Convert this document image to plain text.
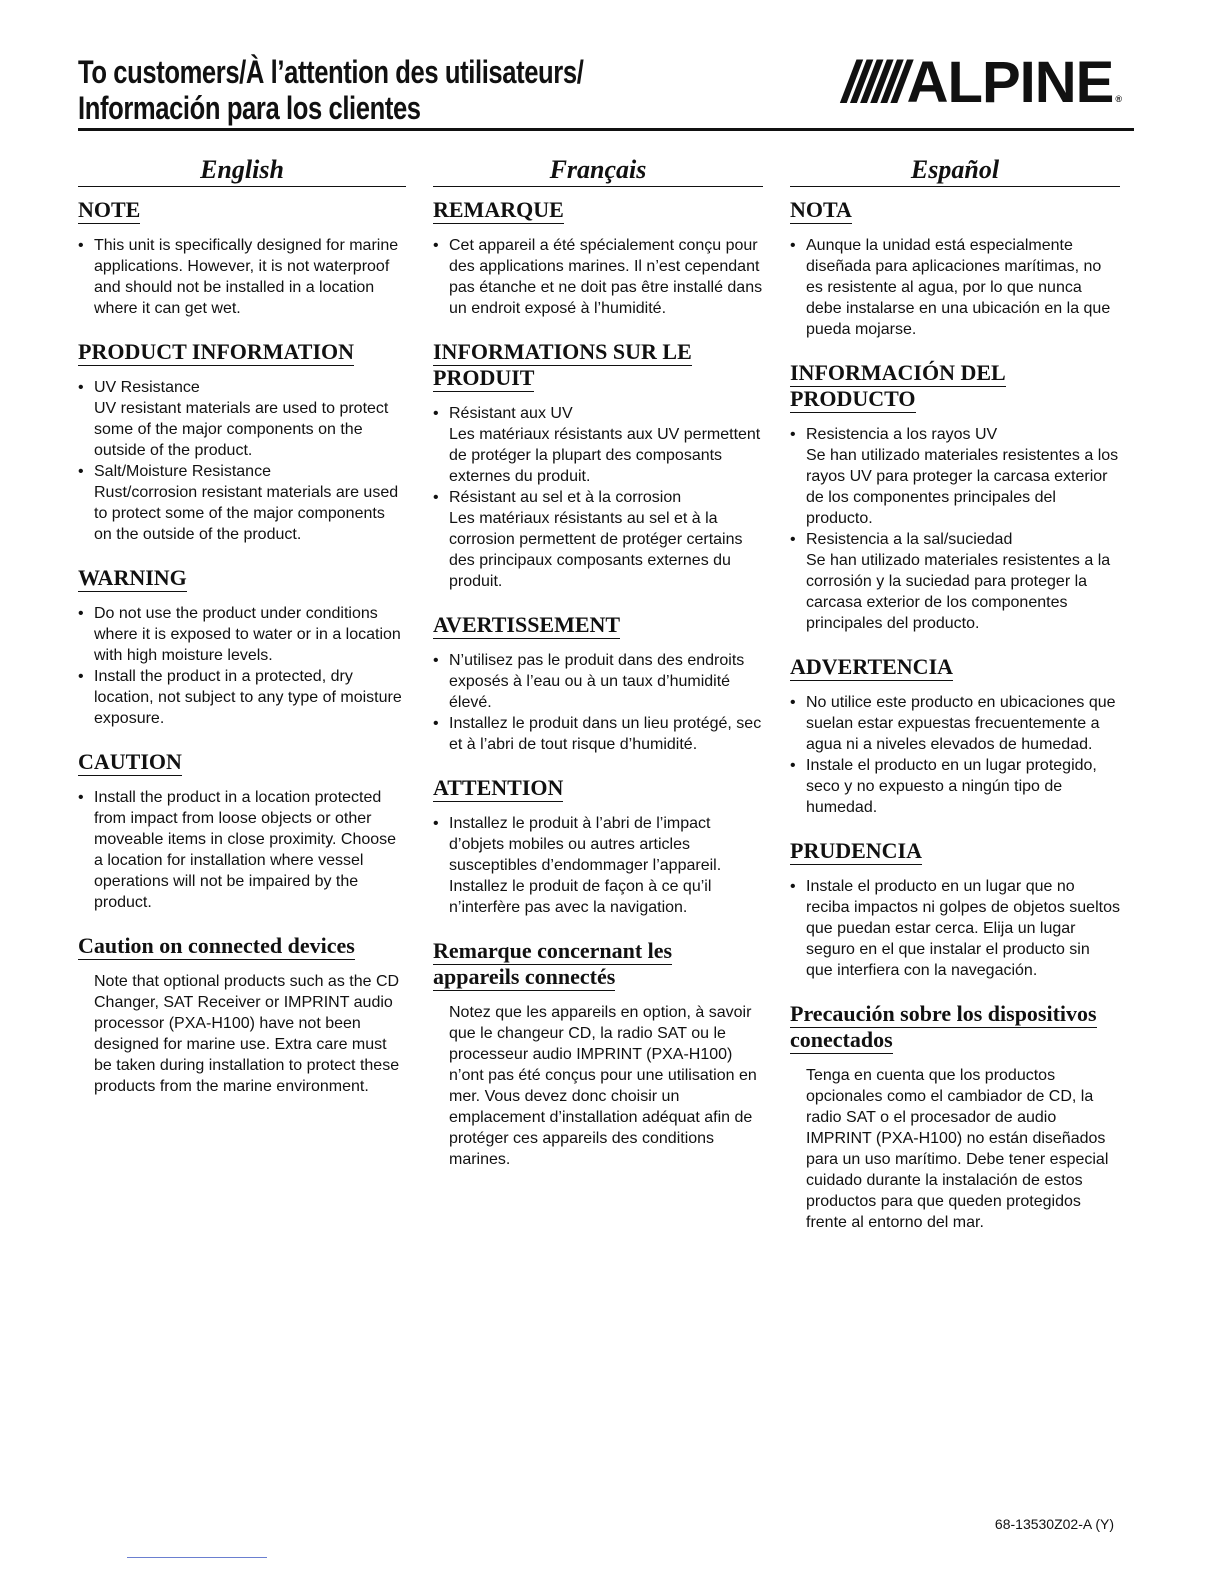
To customers/À l’attention des utilisateurs/
Información para los clientes	//////ALPINE ®
English
NOTE
• This unit is specifically designed for marine applications. However, it is not waterproof and should not be installed in a location where it can get wet.
PRODUCT INFORMATION
• UV Resistance
UV resistant materials are used to protect some of the major components on the outside of the product.
• Salt/Moisture Resistance
Rust/corrosion resistant materials are used to protect some of the major components on the outside of the product.
WARNING
• Do not use the product under conditions where it is exposed to water or in a location with high moisture levels.
• Install the product in a protected, dry location, not subject to any type of moisture exposure.
CAUTION
• Install the product in a location protected from impact from loose objects or other moveable items in close proximity. Choose a location for installation where vessel operations will not be impaired by the product.
Caution on connected devices

Note that optional products such as the CD Changer, SAT Receiver or IMPRINT audio processor (PXA-H100) have not been designed for marine use. Extra care must be taken during installation to protect these products from the marine environment.

Français
REMARQUE
• Cet appareil a été spécialement conçu pour des applications marines. Il n’est cependant pas étanche et ne doit pas être installé dans un endroit exposé à l’humidité.
INFORMATIONS SUR LE PRODUIT
• Résistant aux UV
Les matériaux résistants aux UV permettent de protéger la plupart des composants externes du produit.
• Résistant au sel et à la corrosion
Les matériaux résistants au sel et à la corrosion permettent de protéger certains des principaux composants externes du produit.
AVERTISSEMENT
• N’utilisez pas le produit dans des endroits exposés à l’eau ou à un taux d’humidité élevé.
• Installez le produit dans un lieu protégé, sec et à l’abri de tout risque d’humidité.
ATTENTION
• Installez le produit à l’abri de l’impact d’objets mobiles ou autres articles susceptibles d’endommager l’appareil. Installez le produit de façon à ce qu’il n’interfère pas avec la navigation.
Remarque concernant les appareils connectés

Notez que les appareils en option, à savoir que le changeur CD, la radio SAT ou le processeur audio IMPRINT (PXA-H100) n’ont pas été conçus pour une utilisation en mer. Vous devez donc choisir un emplacement d’installation adéquat afin de protéger ces appareils des conditions marines.

Español
NOTA
• Aunque la unidad está especialmente diseñada para aplicaciones marítimas, no es resistente al agua, por lo que nunca debe instalarse en una ubicación en la que pueda mojarse.
INFORMACIÓN DEL PRODUCTO
• Resistencia a los rayos UV
Se han utilizado materiales resistentes a los rayos UV para proteger la carcasa exterior de los componentes principales del producto.
• Resistencia a la sal/suciedad
Se han utilizado materiales resistentes a la corrosión y la suciedad para proteger la carcasa exterior de los componentes principales del producto.
ADVERTENCIA
• No utilice este producto en ubicaciones que suelan estar expuestas frecuentemente a agua ni a niveles elevados de humedad.
• Instale el producto en un lugar protegido, seco y no expuesto a ningún tipo de humedad.
PRUDENCIA
• Instale el producto en un lugar que no reciba impactos ni golpes de objetos sueltos que puedan estar cerca. Elija un lugar seguro en el que instalar el producto sin que interfiera con la navegación.
Precaución sobre los dispositivos conectados

Tenga en cuenta que los productos opcionales como el cambiador de CD, la radio SAT o el procesador de audio IMPRINT (PXA-H100) no están diseñados para un uso marítimo. Debe tener especial cuidado durante la instalación de estos productos para que queden protegidos frente al entorno del mar.

68-13530Z02-A (Y)
